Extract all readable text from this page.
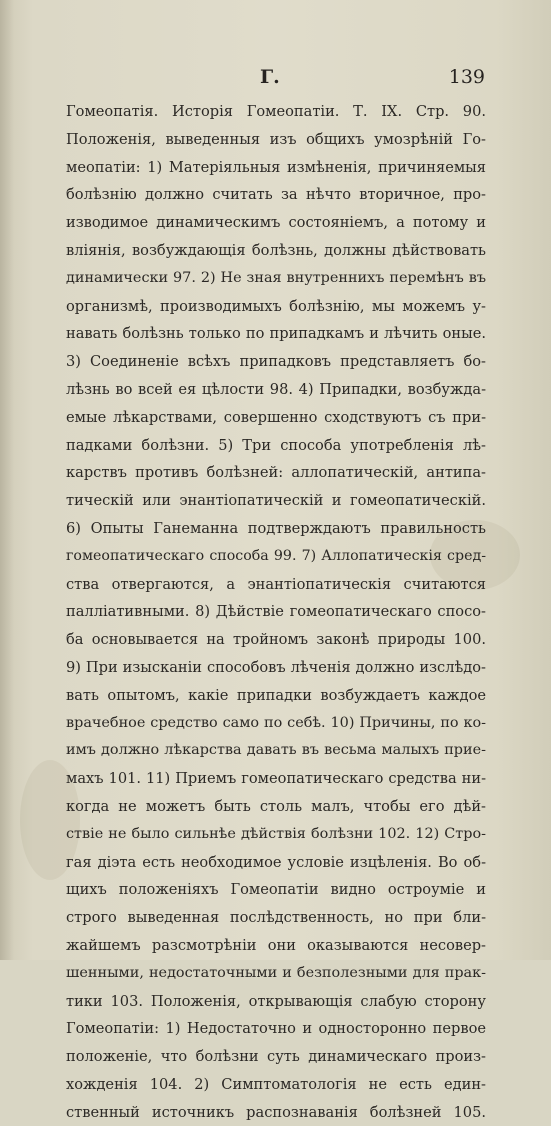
Г.	139
Гомеопатія. Исторія Гомеопатіи. Т. IX. Стр. 90.
Положенія, выведенныя изъ общихъ умозрѣній Го-
меопатіи: 1) Матеріяльныя измѣненія, причиняемыя
болѣзнію должно считать за нѣчто вторичное, про-
изводимое динамическимъ состояніемъ, а потому и
вліянія, возбуждающія болѣзнь, должны дѣйствовать
динамически 97. 2) Не зная внутреннихъ перемѣнъ въ
организмѣ, производимыхъ болѣзнію, мы можемъ у-
навать болѣзнь только по припадкамъ и лѣчить оные.
3) Соединеніе всѣхъ припадковъ представляетъ бо-
лѣзнь во всей ея цѣлости 98. 4) Припадки, возбужда-
емые лѣкарствами, совершенно сходствуютъ съ при-
падками болѣзни. 5) Три способа употребленія лѣ-
карствъ противъ болѣзней: аллопатическій, антипа-
тическій или энантіопатическій и гомеопатическій.
6) Опыты Ганеманна подтверждаютъ правильность
гомеопатическаго способа 99. 7) Аллопатическія сред-
ства отвергаются, а энантіопатическія считаются
палліативными. 8) Дѣйствіе гомеопатическаго спосо-
ба основывается на тройномъ законѣ природы 100.
9) При изысканіи способовъ лѣченія должно изслѣдо-
вать опытомъ, какіе припадки возбуждаетъ каждое
врачебное средство само по себѣ. 10) Причины, по ко-
имъ должно лѣкарства давать въ весьма малыхъ прие-
махъ 101. 11) Приемъ гомеопатическаго средства ни-
когда не можетъ быть столь малъ, чтобы его дѣй-
ствіе не было сильнѣе дѣйствія болѣзни 102. 12) Стро-
гая діэта есть необходимое условіе изцѣленія. Во об-
щихъ положеніяхъ Гомеопатіи видно остроуміе и
строго выведенная послѣдственность, но при бли-
жайшемъ разсмотрѣніи они оказываются несовер-
шенными, недостаточными и безполезными для прак-
тики 103. Положенія, открывающія слабую сторону
Гомеопатіи: 1) Недостаточно и односторонно первое
положеніе, что болѣзни суть динамическаго произ-
хожденія 104. 2) Симптоматологія не есть един-
ственный источникъ распознаванія болѣзней 105.
